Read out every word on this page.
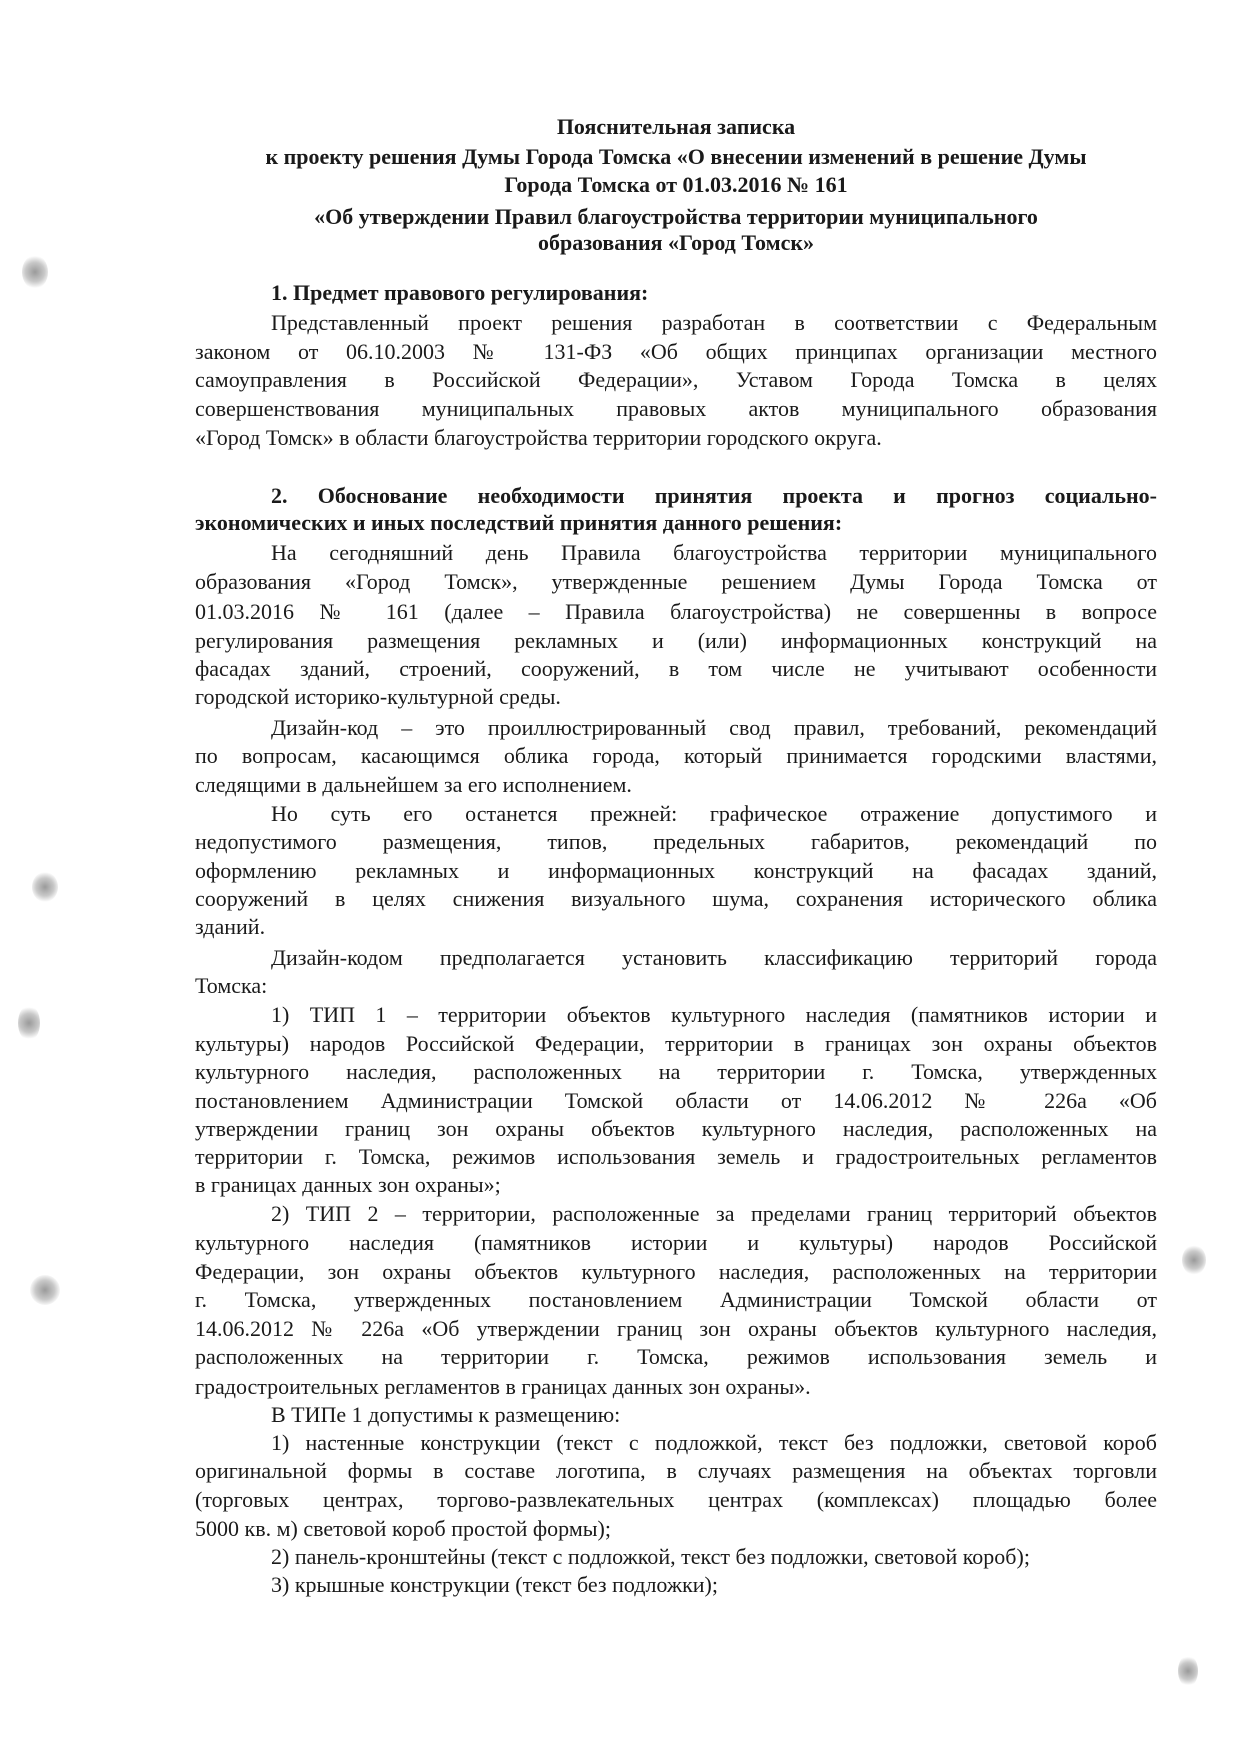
Пояснительная записка
к проекту решения Думы Города Томска «О внесении изменений в решение Думы
Города Томска от 01.03.2016 № 161
«Об утверждении Правил благоустройства территории муниципального
образования «Город Томск»
1. Предмет правового регулирования:
Представленный проект решения разработан в соответствии с Федеральным
законом от 06.10.2003 № 131-ФЗ «Об общих принципах организации местного
самоуправления в Российской Федерации», Уставом Города Томска в целях
совершенствования муниципальных правовых актов муниципального образования
«Город Томск» в области благоустройства территории городского округа.
2. Обоснование необходимости принятия проекта и прогноз социально-
экономических и иных последствий принятия данного решения:
На сегодняшний день Правила благоустройства территории муниципального
образования «Город Томск», утвержденные решением Думы Города Томска от
01.03.2016 № 161 (далее – Правила благоустройства) не совершенны в вопросе
регулирования размещения рекламных и (или) информационных конструкций на
фасадах зданий, строений, сооружений, в том числе не учитывают особенности
городской историко-культурной среды.
Дизайн-код – это проиллюстрированный свод правил, требований, рекомендаций
по вопросам, касающимся облика города, который принимается городскими властями,
следящими в дальнейшем за его исполнением.
Но суть его останется прежней: графическое отражение допустимого и
недопустимого размещения, типов, предельных габаритов, рекомендаций по
оформлению рекламных и информационных конструкций на фасадах зданий,
сооружений в целях снижения визуального шума, сохранения исторического облика
зданий.
Дизайн-кодом предполагается установить классификацию территорий города
Томска:
1) ТИП 1 – территории объектов культурного наследия (памятников истории и
культуры) народов Российской Федерации, территории в границах зон охраны объектов
культурного наследия, расположенных на территории г. Томска, утвержденных
постановлением Администрации Томской области от 14.06.2012 № 226а «Об
утверждении границ зон охраны объектов культурного наследия, расположенных на
территории г. Томска, режимов использования земель и градостроительных регламентов
в границах данных зон охраны»;
2) ТИП 2 – территории, расположенные за пределами границ территорий объектов
культурного наследия (памятников истории и культуры) народов Российской
Федерации, зон охраны объектов культурного наследия, расположенных на территории
г. Томска, утвержденных постановлением Администрации Томской области от
14.06.2012 № 226а «Об утверждении границ зон охраны объектов культурного наследия,
расположенных на территории г. Томска, режимов использования земель и
градостроительных регламентов в границах данных зон охраны».
В ТИПе 1 допустимы к размещению:
1) настенные конструкции (текст с подложкой, текст без подложки, световой короб
оригинальной формы в составе логотипа, в случаях размещения на объектах торговли
(торговых центрах, торгово-развлекательных центрах (комплексах) площадью более
5000 кв. м) световой короб простой формы);
2) панель-кронштейны (текст с подложкой, текст без подложки, световой короб);
3) крышные конструкции (текст без подложки);
